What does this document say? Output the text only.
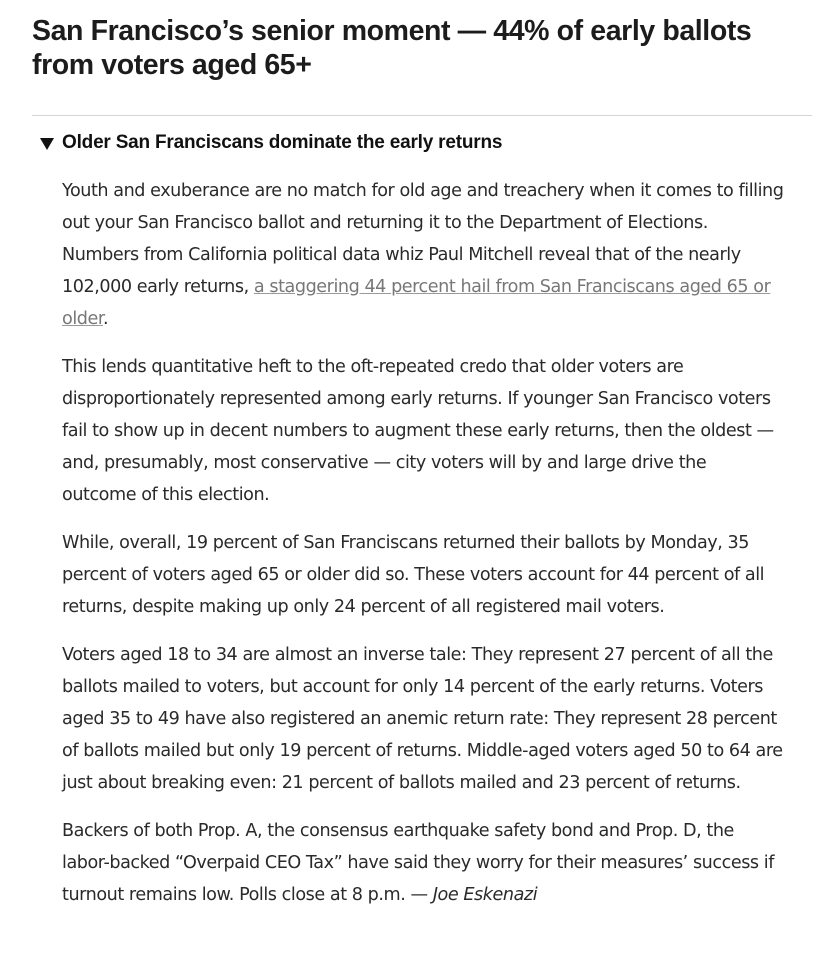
San Francisco’s senior moment — 44% of early ballots from voters aged 65+
Older San Franciscans dominate the early returns

Youth and exuberance are no match for old age and treachery when it comes to filling out your San Francisco ballot and returning it to the Department of Elections. Numbers from California political data whiz Paul Mitchell reveal that of the nearly 102,000 early returns, a staggering 44 percent hail from San Franciscans aged 65 or older.

This lends quantitative heft to the oft-repeated credo that older voters are disproportionately represented among early returns. If younger San Francisco voters fail to show up in decent numbers to augment these early returns, then the oldest — and, presumably, most conservative — city voters will by and large drive the outcome of this election.

While, overall, 19 percent of San Franciscans returned their ballots by Monday, 35 percent of voters aged 65 or older did so. These voters account for 44 percent of all returns, despite making up only 24 percent of all registered mail voters.

Voters aged 18 to 34 are almost an inverse tale: They represent 27 percent of all the ballots mailed to voters, but account for only 14 percent of the early returns. Voters aged 35 to 49 have also registered an anemic return rate: They represent 28 percent of ballots mailed but only 19 percent of returns. Middle-aged voters aged 50 to 64 are just about breaking even: 21 percent of ballots mailed and 23 percent of returns.

Backers of both Prop. A, the consensus earthquake safety bond and Prop. D, the labor-backed “Overpaid CEO Tax” have said they worry for their measures’ success if turnout remains low. Polls close at 8 p.m. — Joe Eskenazi
